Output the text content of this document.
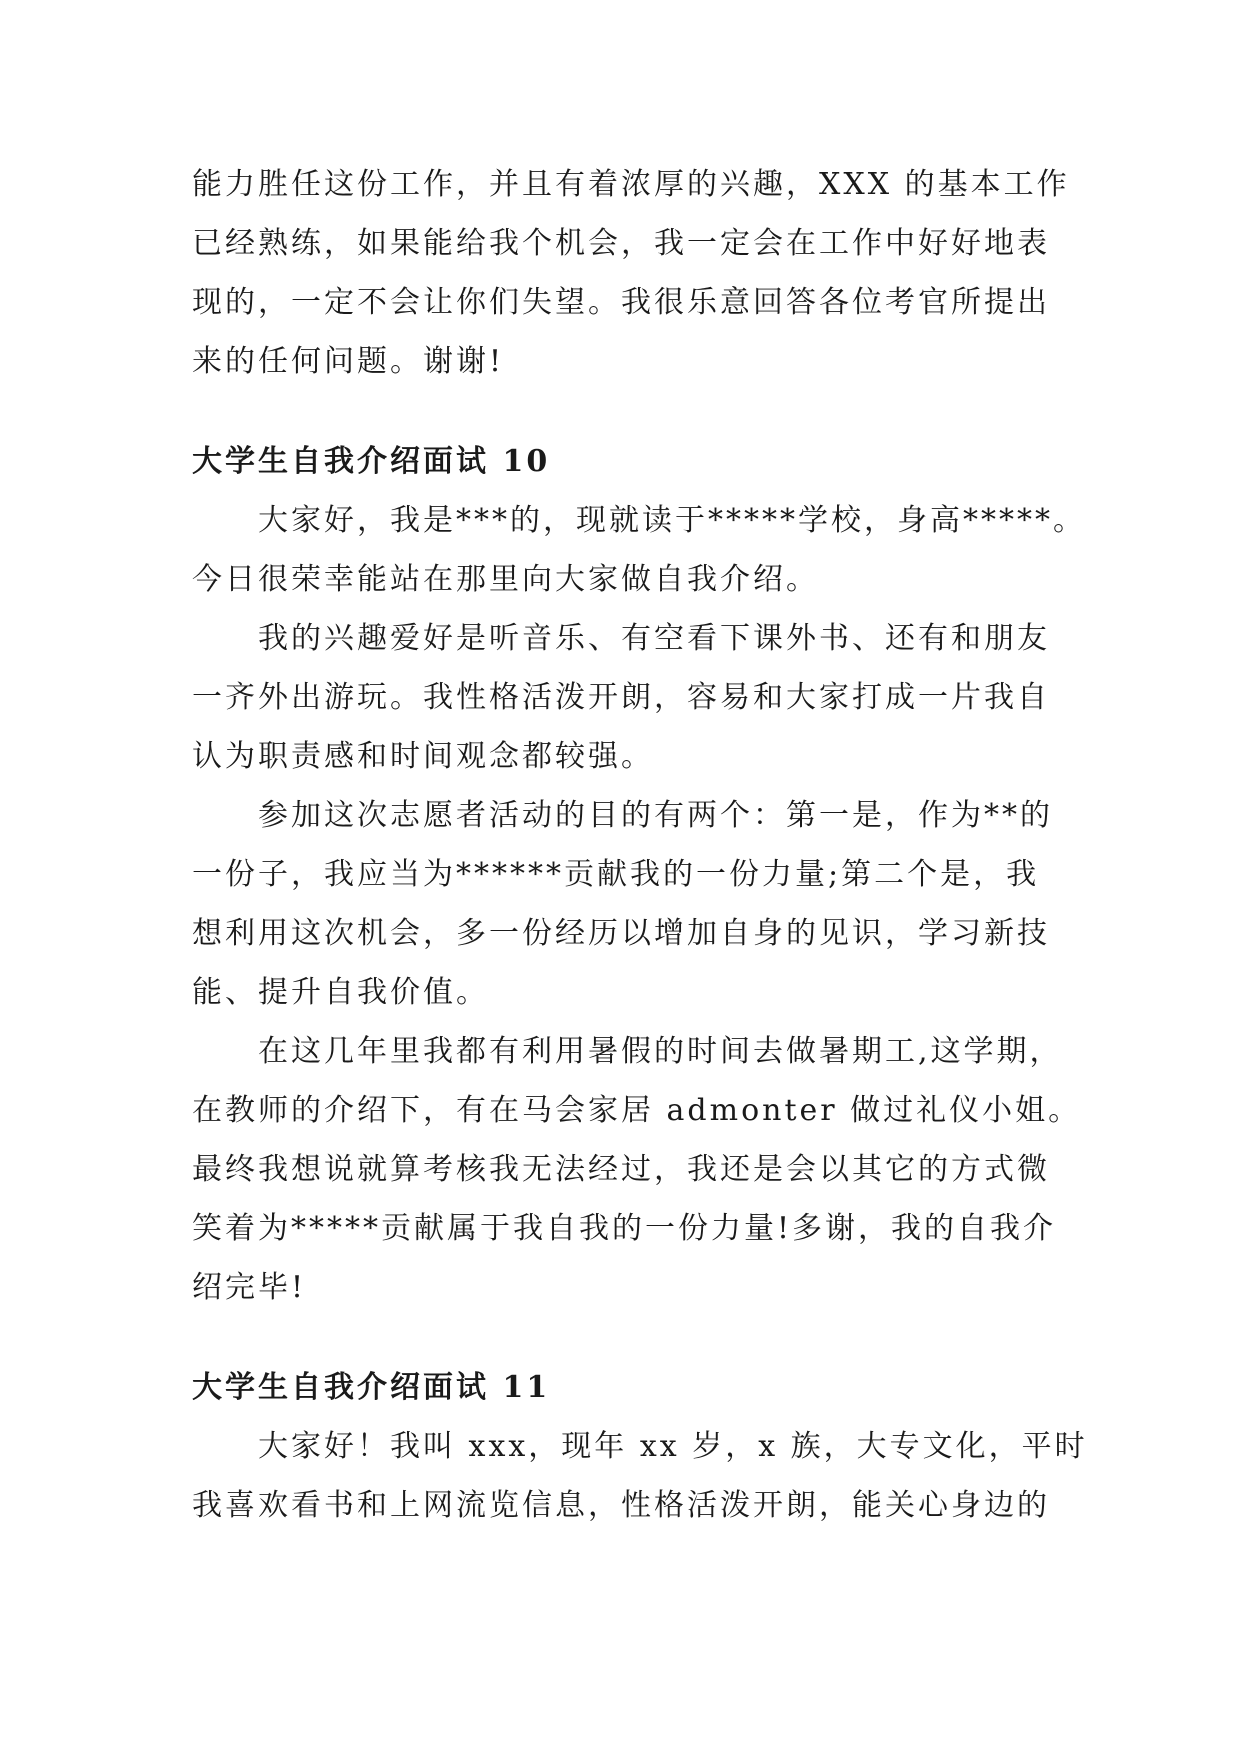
能力胜任这份工作，并且有着浓厚的兴趣，XXX 的基本工作
已经熟练，如果能给我个机会，我一定会在工作中好好地表
现的，一定不会让你们失望。我很乐意回答各位考官所提出
来的任何问题。谢谢!

大学生自我介绍面试 10

大家好，我是***的，现就读于*****学校，身高*****。
今日很荣幸能站在那里向大家做自我介绍。

我的兴趣爱好是听音乐、有空看下课外书、还有和朋友
一齐外出游玩。我性格活泼开朗，容易和大家打成一片我自
认为职责感和时间观念都较强。

参加这次志愿者活动的目的有两个：第一是，作为**的
一份子，我应当为******贡献我的一份力量;第二个是，我
想利用这次机会，多一份经历以增加自身的见识，学习新技
能、提升自我价值。

在这几年里我都有利用暑假的时间去做暑期工,这学期，
在教师的介绍下，有在马会家居 admonter 做过礼仪小姐。
最终我想说就算考核我无法经过，我还是会以其它的方式微
笑着为*****贡献属于我自我的一份力量!多谢，我的自我介
绍完毕!

大学生自我介绍面试 11

大家好！我叫 xxx，现年 xx 岁，x 族，大专文化，平时
我喜欢看书和上网流览信息，性格活泼开朗，能关心身边的
